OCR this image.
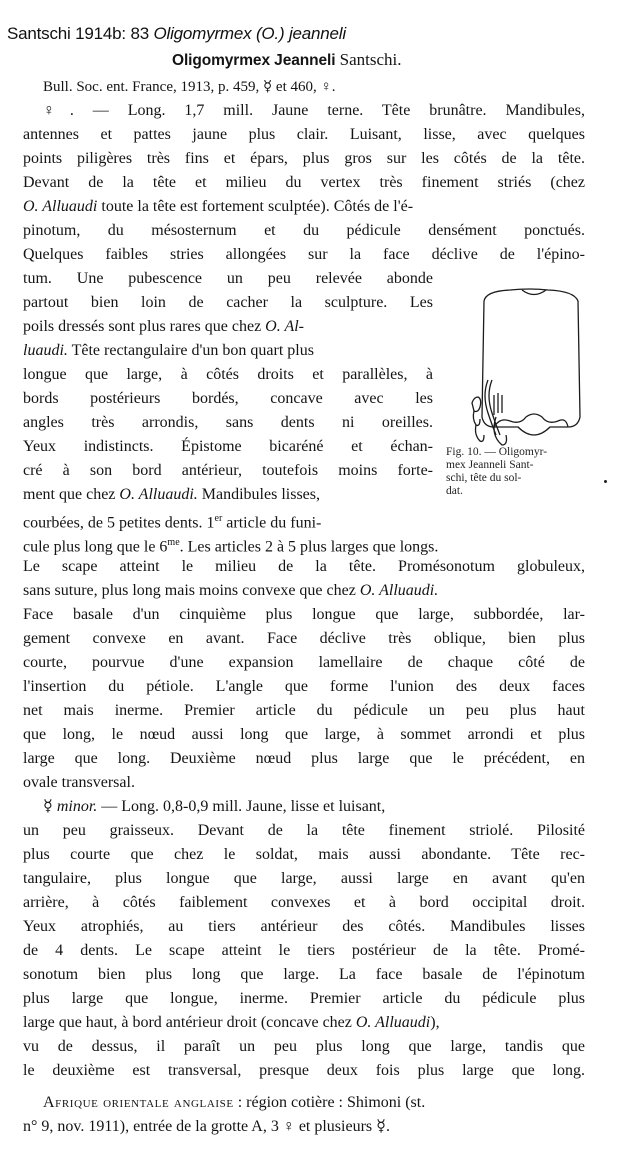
Santschi 1914b: 83 Oligomyrmex (O.) jeanneli
Oligomyrmex Jeanneli Santschi.
Bull. Soc. ent. France, 1913, p. 459, ☿ et 460, ♀.
♀. — Long. 1,7 mill. Jaune terne. Tête brunâtre. Mandibules,
antennes et pattes jaune plus clair. Luisant, lisse, avec quelques
points piligères très fins et épars, plus gros sur les côtés de la tête.
Devant de la tête et milieu du vertex très finement striés (chez
O. Alluaudi toute la tête est fortement sculptée). Côtés de l'é-
pinotum, du mésosternum et du pédicule densément ponctués.
Quelques faibles stries allongées sur la face déclive de l'épino-
tum. Une pubescence un peu relevée abonde
partout bien loin de cacher la sculpture. Les
poils dressés sont plus rares que chez O. Al-
luaudi. Tête rectangulaire d'un bon quart plus
longue que large, à côtés droits et parallèles, à
bords postérieurs bordés, concave avec les
angles très arrondis, sans dents ni oreilles.
Yeux indistincts. Épistome bicaréné et échan-
cré à son bord antérieur, toutefois moins forte-
ment que chez O. Alluaudi. Mandibules lisses,
courbées, de 5 petites dents. 1er article du funi-
cule plus long que le $6^{me}$. Les articles 2 à 5 plus larges que longs.
Le scape atteint le milieu de la tête. Promésonotum globuleux,
sans suture, plus long mais moins convexe que chez O. Alluaudi.
Face basale d'un cinquième plus longue que large, subbordée, lar-
gement convexe en avant. Face déclive très oblique, bien plus
courte, pourvue d'une expansion lamellaire de chaque côté de
l'insertion du pétiole. L'angle que forme l'union des deux faces
net mais inerme. Premier article du pédicule un peu plus haut
que long, le nœud aussi long que large, à sommet arrondi et plus
large que long. Deuxième nœud plus large que le précédent, en
ovale transversal.
☿ minor. — Long. 0,8-0,9 mill. Jaune, lisse et luisant,
un peu graisseux. Devant de la tête finement striolé. Pilosité
plus courte que chez le soldat, mais aussi abondante. Tête rec-
tangulaire, plus longue que large, aussi large en avant qu'en
arrière, à côtés faiblement convexes et à bord occipital droit.
Yeux atrophiés, au tiers antérieur des côtés. Mandibules lisses
de 4 dents. Le scape atteint le tiers postérieur de la tête. Promé-
sonotum bien plus long que large. La face basale de l'épinotum
plus large que longue, inerme. Premier article du pédicule plus
large que haut, à bord antérieur droit (concave chez O. Alluaudi),
vu de dessus, il paraît un peu plus long que large, tandis que
le deuxième est transversal, presque deux fois plus large que long.
Afrique orientale anglaise : région cotière : Shimoni (st.
n° 9, nov. 1911), entrée de la grotte A, 3 ♀ et plusieurs ☿.
Fig. 10. — Oligomyr-
mex Jeanneli Sant-
schi, tête du sol-
dat.
